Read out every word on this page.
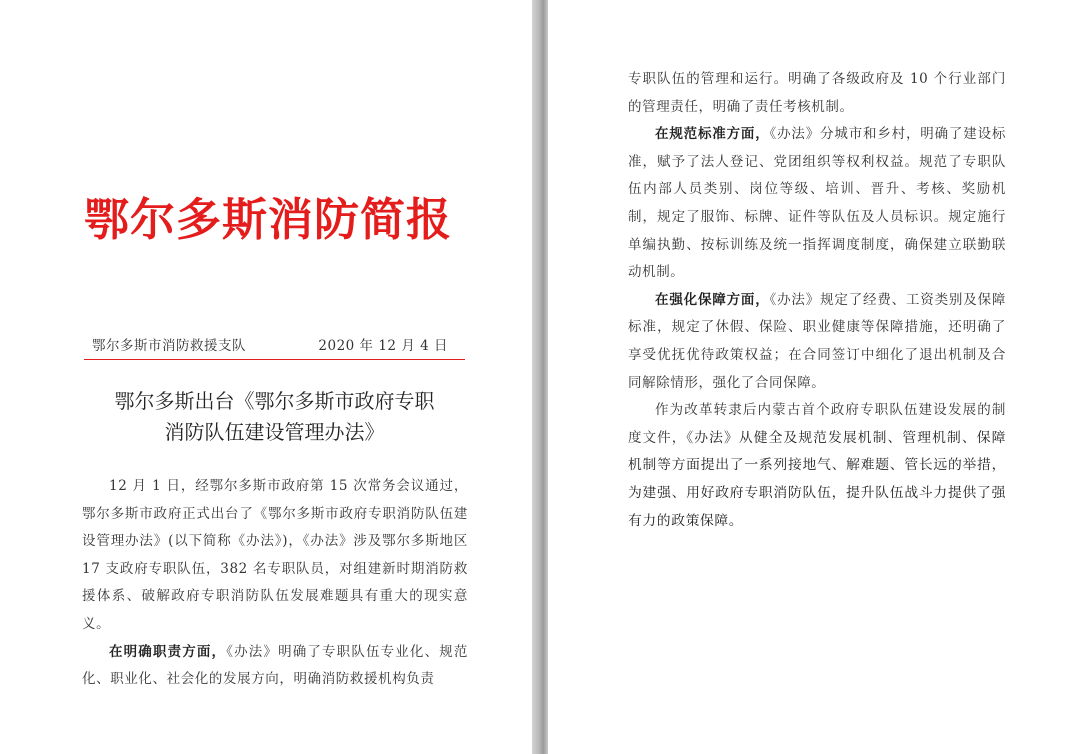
鄂尔多斯消防简报
鄂尔多斯市消防救援支队	2020 年 12 月 4 日
鄂尔多斯出台《鄂尔多斯市政府专职
消防队伍建设管理办法》

12 月 1 日，经鄂尔多斯市政府第 15 次常务会议通过，鄂尔多斯市政府正式出台了《鄂尔多斯市政府专职消防队伍建设管理办法》(以下简称《办法》)，《办法》涉及鄂尔多斯地区 17 支政府专职队伍，382 名专职队员，对组建新时期消防救援体系、破解政府专职消防队伍发展难题具有重大的现实意义。

在明确职责方面，《办法》明确了专职队伍专业化、规范化、职业化、社会化的发展方向，明确消防救援机构负责

专职队伍的管理和运行。明确了各级政府及 10 个行业部门的管理责任，明确了责任考核机制。

在规范标准方面，《办法》分城市和乡村，明确了建设标准，赋予了法人登记、党团组织等权利权益。规范了专职队伍内部人员类别、岗位等级、培训、晋升、考核、奖励机制，规定了服饰、标牌、证件等队伍及人员标识。规定施行单编执勤、按标训练及统一指挥调度制度，确保建立联勤联动机制。

在强化保障方面，《办法》规定了经费、工资类别及保障标准，规定了休假、保险、职业健康等保障措施，还明确了享受优抚优待政策权益；在合同签订中细化了退出机制及合同解除情形，强化了合同保障。

作为改革转隶后内蒙古首个政府专职队伍建设发展的制度文件，《办法》从健全及规范发展机制、管理机制、保障机制等方面提出了一系列接地气、解难题、管长远的举措，为建强、用好政府专职消防队伍，提升队伍战斗力提供了强有力的政策保障。
